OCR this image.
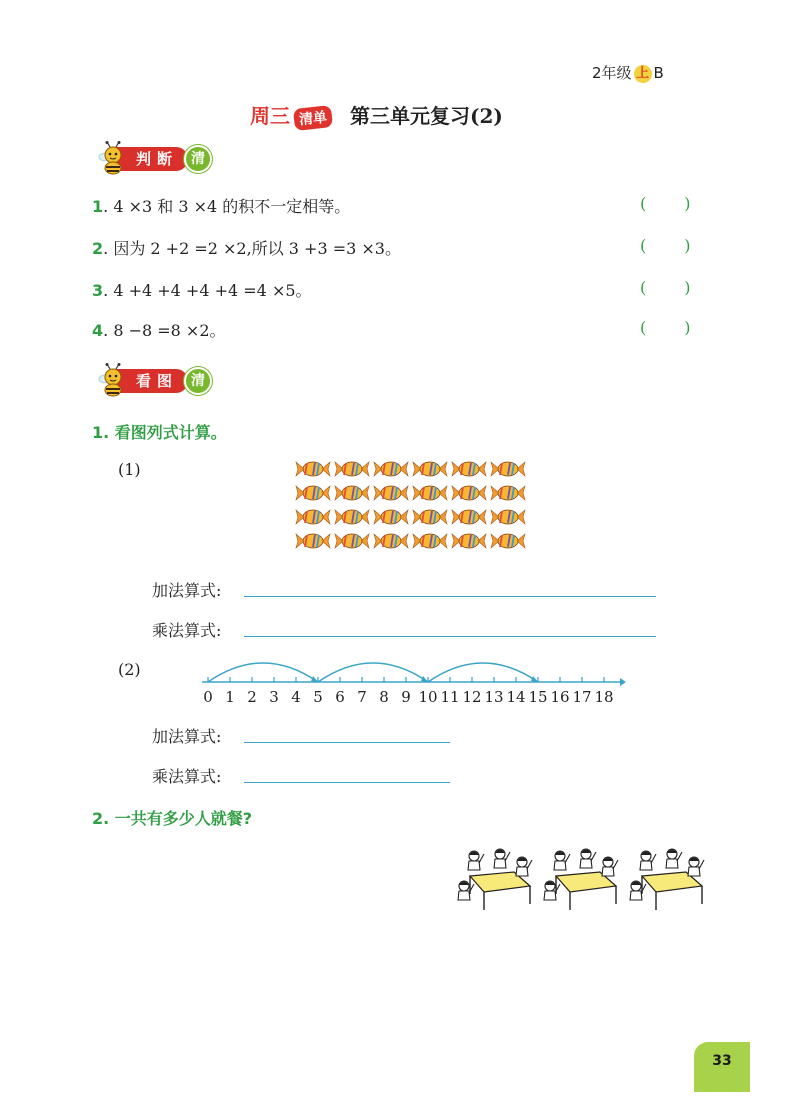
2年级 上 B
周三 清单 第三单元复习(2)
判断 清
1. 4 ×3 和 3 ×4 的积不一定相等。	( )
2. 因为 2 +2 =2 ×2,所以 3 +3 =3 ×3。	( )
3. 4 +4 +4 +4 +4 =4 ×5。	( )
4. 8 −8 =8 ×2。	( )
看图 清
1. 看图列式计算。
(1)
加法算式:
乘法算式:
(2)
0 1 2 3 4 5 6 7 8 9 10 11 12 13 14 15 16 17 18
加法算式:
乘法算式:
2. 一共有多少人就餐?
33
